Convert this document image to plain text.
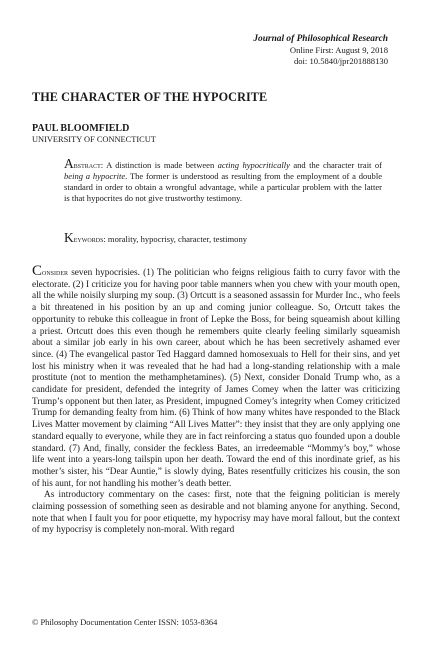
Journal of Philosophical Research
Online First: August 9, 2018
doi: 10.5840/jpr201888130
THE CHARACTER OF THE HYPOCRITE
PAUL BLOOMFIELD
UNIVERSITY OF CONNECTICUT
Abstract: A distinction is made between acting hypocritically and the character trait of being a hypocrite. The former is understood as resulting from the employment of a double standard in order to obtain a wrongful advantage, while a particular problem with the latter is that hypocrites do not give trustworthy testimony.
Keywords: morality, hypocrisy, character, testimony

Consider seven hypocrisies. (1) The politician who feigns religious faith to curry favor with the electorate. (2) I criticize you for having poor table manners when you chew with your mouth open, all the while noisily slurping my soup. (3) Ortcutt is a seasoned assassin for Murder Inc., who feels a bit threatened in his position by an up and coming junior colleague. So, Ortcutt takes the opportunity to rebuke this colleague in front of Lepke the Boss, for being squeamish about killing a priest. Ortcutt does this even though he remembers quite clearly feeling similarly squeamish about a similar job early in his own career, about which he has been secretively ashamed ever since. (4) The evangelical pastor Ted Haggard damned homosexuals to Hell for their sins, and yet lost his ministry when it was revealed that he had had a long-standing relationship with a male prostitute (not to mention the methamphetamines). (5) Next, consider Donald Trump who, as a candidate for president, defended the integrity of James Comey when the latter was criticizing Trump’s opponent but then later, as President, impugned Comey’s integrity when Comey criticized Trump for demanding fealty from him. (6) Think of how many whites have responded to the Black Lives Matter movement by claiming “All Lives Matter”: they insist that they are only applying one standard equally to everyone, while they are in fact reinforcing a status quo founded upon a double standard. (7) And, finally, consider the feckless Bates, an irredeemable “Mommy’s boy,” whose life went into a years-long tailspin upon her death. Toward the end of this inordinate grief, as his mother’s sister, his “Dear Auntie,” is slowly dying, Bates resentfully criticizes his cousin, the son of his aunt, for not handling his mother’s death better.

As introductory commentary on the cases: first, note that the feigning politician is merely claiming possession of something seen as desirable and not blaming anyone for anything. Second, note that when I fault you for poor etiquette, my hypocrisy may have moral fallout, but the context of my hypocrisy is completely non-moral. With regard

© Philosophy Documentation Center ISSN: 1053-8364
